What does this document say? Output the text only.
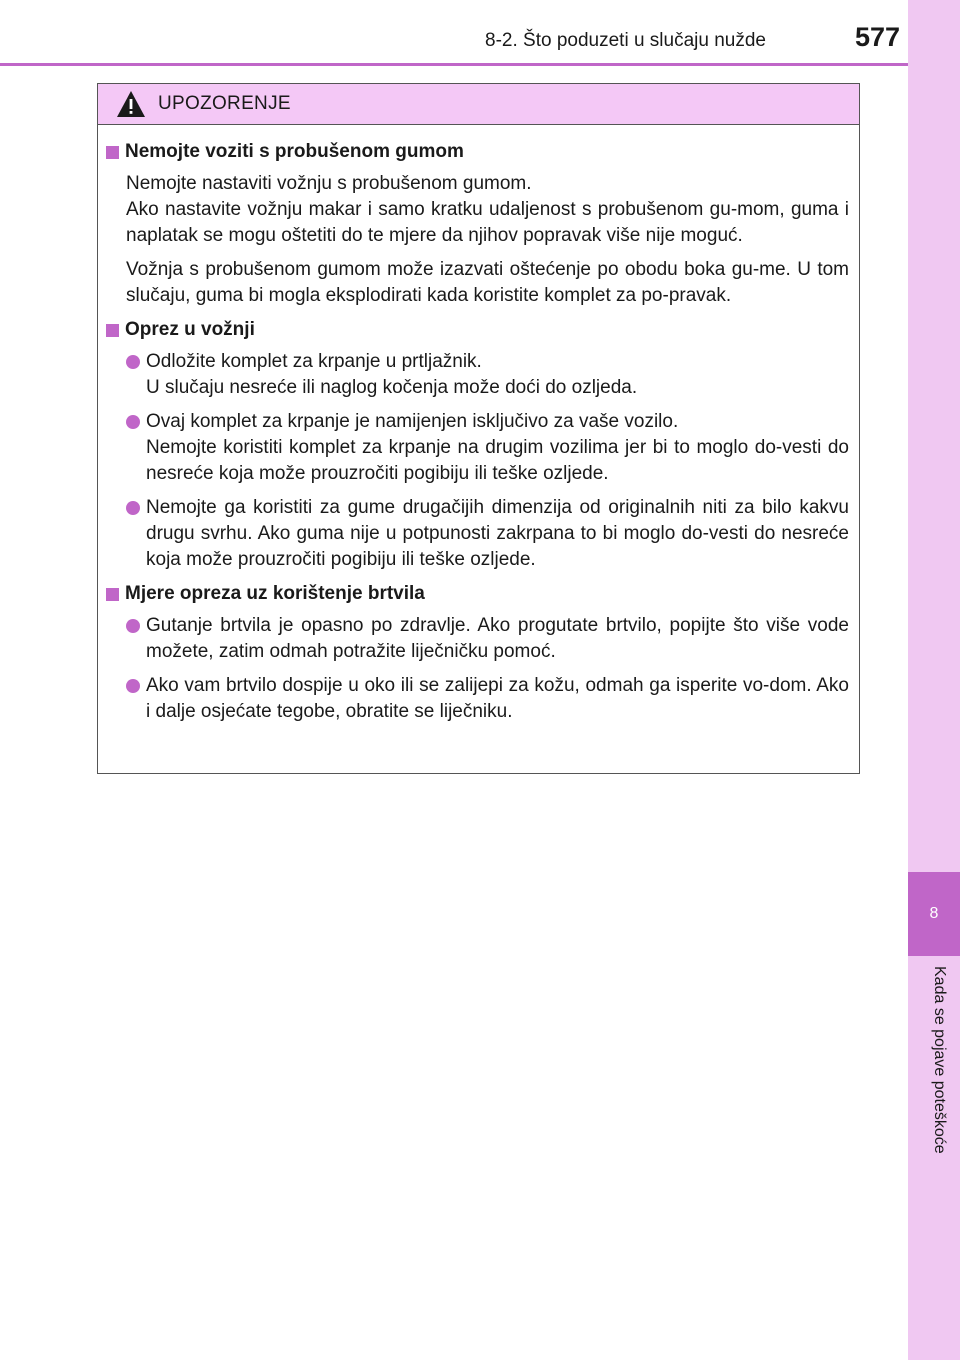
8-2. Što poduzeti u slučaju nužde	577
8
Kada se pojave poteškoće
UPOZORENJE
Nemojte voziti s probušenom gumom
Nemojte nastaviti vožnju s probušenom gumom.
Ako nastavite vožnju makar i samo kratku udaljenost s probušenom gu-mom, guma i naplatak se mogu oštetiti do te mjere da njihov popravak više nije moguć.
Vožnja s probušenom gumom može izazvati oštećenje po obodu boka gu-me. U tom slučaju, guma bi mogla eksplodirati kada koristite komplet za po-pravak.
Oprez u vožnji
Odložite komplet za krpanje u prtljažnik.
U slučaju nesreće ili naglog kočenja može doći do ozljeda.
Ovaj komplet za krpanje je namijenjen isključivo za vaše vozilo.
Nemojte koristiti komplet za krpanje na drugim vozilima jer bi to moglo do-vesti do nesreće koja može prouzročiti pogibiju ili teške ozljede.
Nemojte ga koristiti za gume drugačijih dimenzija od originalnih niti za bilo kakvu drugu svrhu. Ako guma nije u potpunosti zakrpana to bi moglo do-vesti do nesreće koja može prouzročiti pogibiju ili teške ozljede.
Mjere opreza uz korištenje brtvila
Gutanje brtvila je opasno po zdravlje. Ako progutate brtvilo, popijte što više vode možete, zatim odmah potražite liječničku pomoć.
Ako vam brtvilo dospije u oko ili se zalijepi za kožu, odmah ga isperite vo-dom. Ako i dalje osjećate tegobe, obratite se liječniku.
